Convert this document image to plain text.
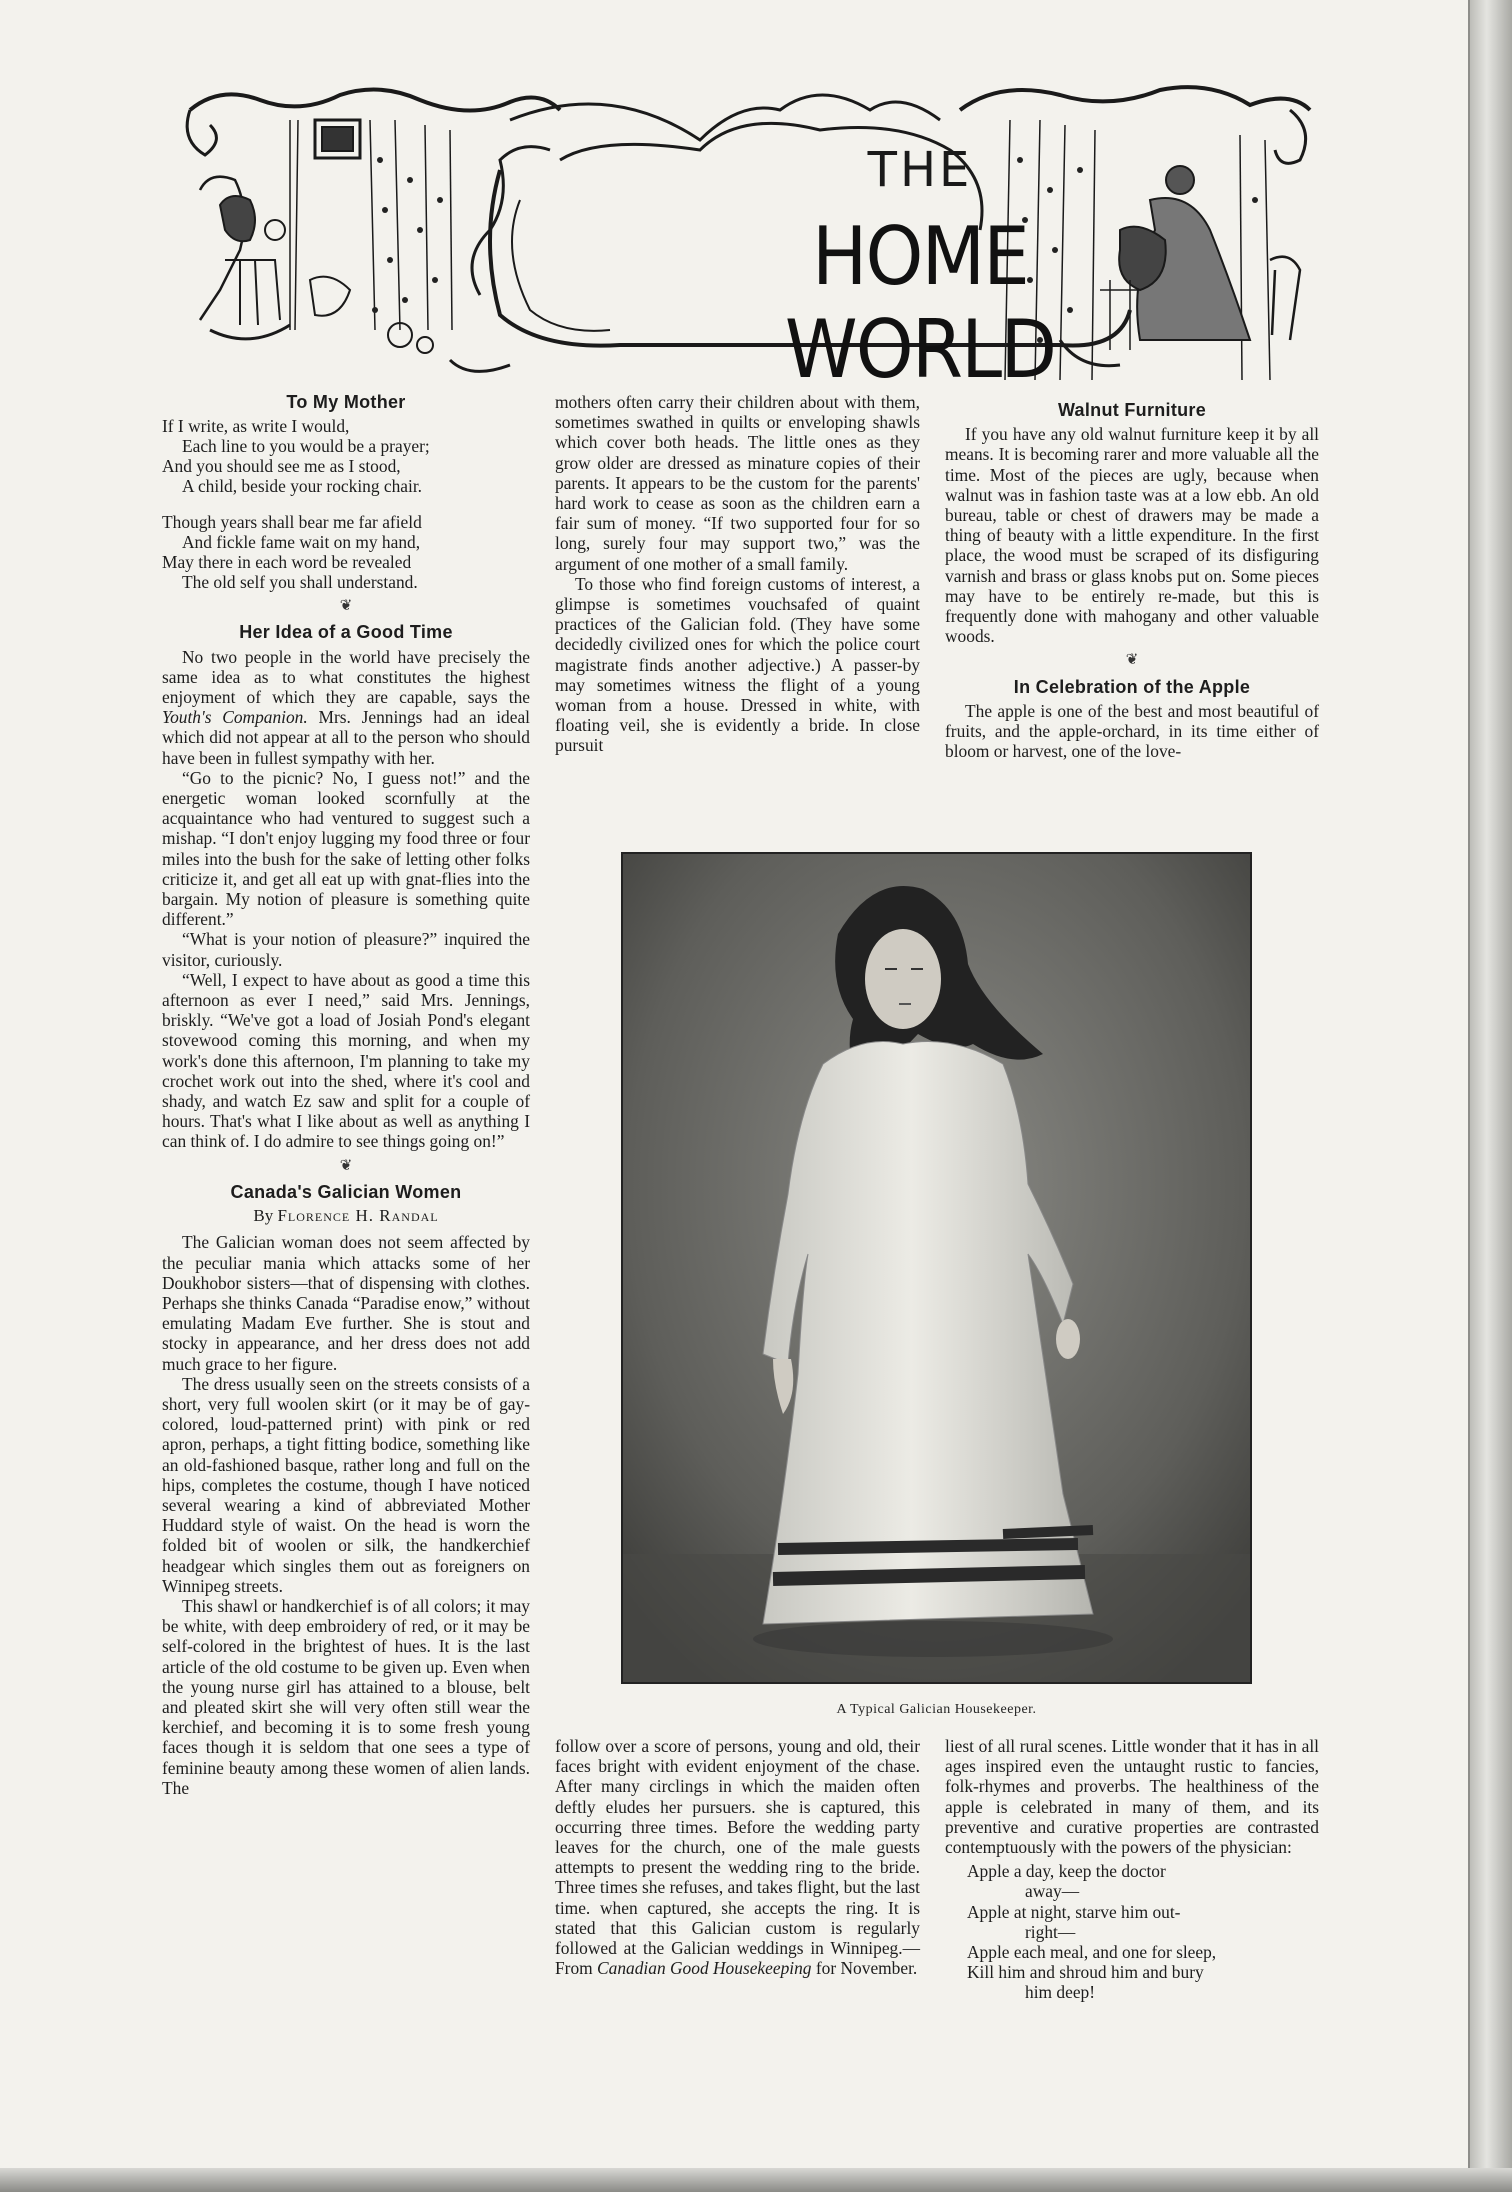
THE
HOME WORLD
To My Mother
If I write, as write I would,
Each line to you would be a prayer;
And you should see me as I stood,
A child, beside your rocking chair.
Though years shall bear me far afield
And fickle fame wait on my hand,
May there in each word be revealed
The old self you shall understand.
❦
Her Idea of a Good Time

No two people in the world have precisely the same idea as to what constitutes the highest enjoyment of which they are capable, says the Youth's Companion. Mrs. Jennings had an ideal which did not appear at all to the person who should have been in fullest sympathy with her.

“Go to the picnic? No, I guess not!” and the energetic woman looked scornfully at the acquaintance who had ventured to suggest such a mishap. “I don't enjoy lugging my food three or four miles into the bush for the sake of letting other folks criticize it, and get all eat up with gnat-flies into the bargain. My notion of pleasure is something quite different.”

“What is your notion of pleasure?” inquired the visitor, curiously.

“Well, I expect to have about as good a time this afternoon as ever I need,” said Mrs. Jennings, briskly. “We've got a load of Josiah Pond's elegant stovewood coming this morning, and when my work's done this afternoon, I'm planning to take my crochet work out into the shed, where it's cool and shady, and watch Ez saw and split for a couple of hours. That's what I like about as well as anything I can think of. I do admire to see things going on!”

❦
Canada's Galician Women
By Florence H. Randal

The Galician woman does not seem affected by the peculiar mania which attacks some of her Doukhobor sisters—that of dispensing with clothes. Perhaps she thinks Canada “Paradise enow,” without emulating Madam Eve further. She is stout and stocky in appearance, and her dress does not add much grace to her figure.

The dress usually seen on the streets consists of a short, very full woolen skirt (or it may be of gay-colored, loud-patterned print) with pink or red apron, perhaps, a tight fitting bodice, something like an old-fashioned basque, rather long and full on the hips, completes the costume, though I have noticed several wearing a kind of abbreviated Mother Huddard style of waist. On the head is worn the folded bit of woolen or silk, the handkerchief headgear which singles them out as foreigners on Winnipeg streets.

This shawl or handkerchief is of all colors; it may be white, with deep embroidery of red, or it may be self-colored in the brightest of hues. It is the last article of the old costume to be given up. Even when the young nurse girl has attained to a blouse, belt and pleated skirt she will very often still wear the kerchief, and becoming it is to some fresh young faces though it is seldom that one sees a type of feminine beauty among these women of alien lands. The

mothers often carry their children about with them, sometimes swathed in quilts or enveloping shawls which cover both heads. The little ones as they grow older are dressed as minature copies of their parents. It appears to be the custom for the parents' hard work to cease as soon as the children earn a fair sum of money. “If two supported four for so long, surely four may support two,” was the argument of one mother of a small family.

To those who find foreign customs of interest, a glimpse is sometimes vouchsafed of quaint practices of the Galician fold. (They have some decidedly civilized ones for which the police court magistrate finds another adjective.) A passer-by may sometimes witness the flight of a young woman from a house. Dressed in white, with floating veil, she is evidently a bride. In close pursuit

Walnut Furniture

If you have any old walnut furniture keep it by all means. It is becoming rarer and more valuable all the time. Most of the pieces are ugly, because when walnut was in fashion taste was at a low ebb. An old bureau, table or chest of drawers may be made a thing of beauty with a little expenditure. In the first place, the wood must be scraped of its disfiguring varnish and brass or glass knobs put on. Some pieces may have to be entirely re-made, but this is frequently done with mahogany and other valuable woods.

❦
In Celebration of the Apple

The apple is one of the best and most beautiful of fruits, and the apple-orchard, in its time either of bloom or harvest, one of the love-

A Typical Galician Housekeeper.

follow over a score of persons, young and old, their faces bright with evident enjoyment of the chase. After many circlings in which the maiden often deftly eludes her pursuers. she is captured, this occurring three times. Before the wedding party leaves for the church, one of the male guests attempts to present the wedding ring to the bride. Three times she refuses, and takes flight, but the last time. when captured, she accepts the ring. It is stated that this Galician custom is regularly followed at the Galician weddings in Winnipeg.—From Canadian Good Housekeeping for November.

liest of all rural scenes. Little wonder that it has in all ages inspired even the untaught rustic to fancies, folk-rhymes and proverbs. The healthiness of the apple is celebrated in many of them, and its preventive and curative properties are contrasted contemptuously with the powers of the physician:

Apple a day, keep the doctor
away—
Apple at night, starve him out-
right—
Apple each meal, and one for sleep,
Kill him and shroud him and bury
him deep!
